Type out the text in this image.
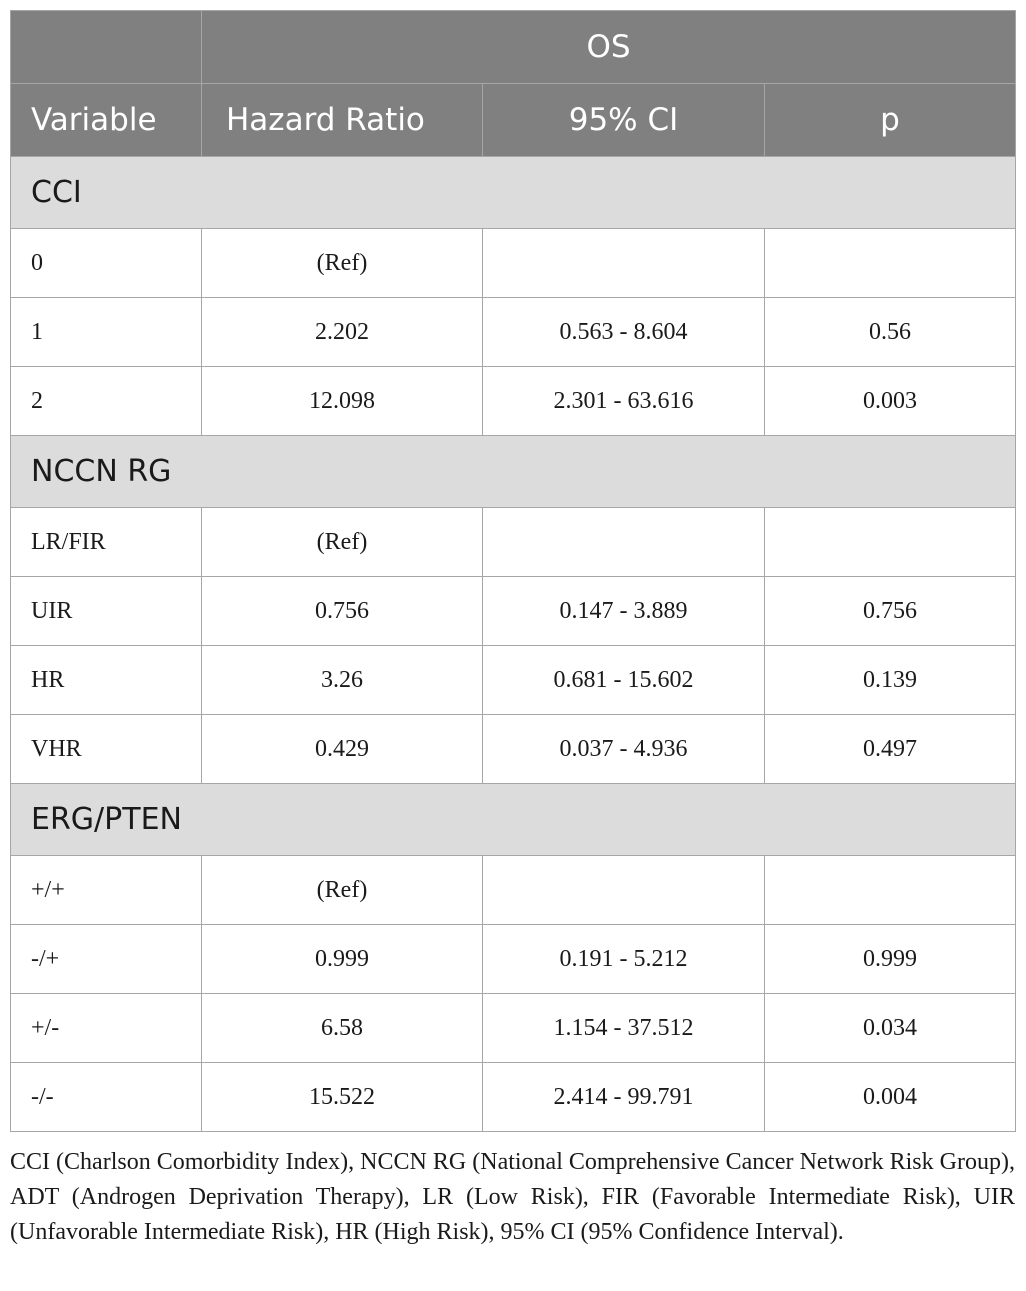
	OS		
Variable	Hazard Ratio	95% CI	p
CCI			
0	(Ref)		
1	2.202	0.563 - 8.604	0.56
2	12.098	2.301 - 63.616	0.003
NCCN RG			
LR/FIR	(Ref)		
UIR	0.756	0.147 - 3.889	0.756
HR	3.26	0.681 - 15.602	0.139
VHR	0.429	0.037 - 4.936	0.497
ERG/PTEN			
+/+	(Ref)		
-/+	0.999	0.191 - 5.212	0.999
+/-	6.58	1.154 - 37.512	0.034
-/-	15.522	2.414 - 99.791	0.004

CCI (Charlson Comorbidity Index), NCCN RG (National Comprehensive Cancer Network Risk Group), ADT (Androgen Deprivation Therapy), LR (Low Risk), FIR (Favorable Intermediate Risk), UIR (Unfavorable Intermediate Risk), HR (High Risk), 95% CI (95% Confidence Interval).
